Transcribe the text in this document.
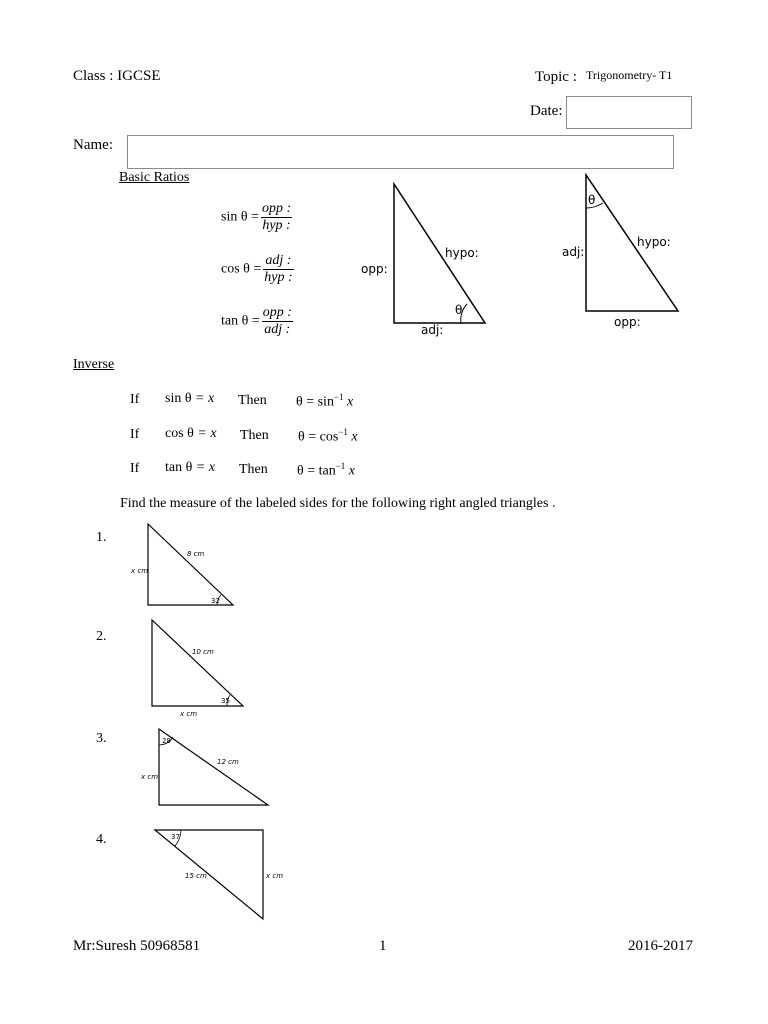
Class : IGCSE	Topic : Trigonometry- T1
Date:
Name:
Basic Ratios
$\sin \theta = \frac{\text{opp :}}{\text{hyp :}}$
$\cos \theta = \frac{\text{adj :}}{\text{hyp :}}$
$\tan \theta = \frac{\text{opp :}}{\text{adj :}}$	θ
opp:
hypo:
adj:
θ
adj:
hypo:
opp:
Inverse
If sin θ = x Then $\theta = \sin^{-1} x$
If cos θ = x Then $\theta = \cos^{-1} x$
If tan θ = x Then $\theta = \tan^{-1} x$
Find the measure of the labeled sides for the following right angled triangles .
1.
32
8 cm
x cm
2.
35
10 cm
x cm
3.	28
12 cm
x cm
4.	37
15 cm	x cm
Mr:Suresh 50968581	1	2016-2017
